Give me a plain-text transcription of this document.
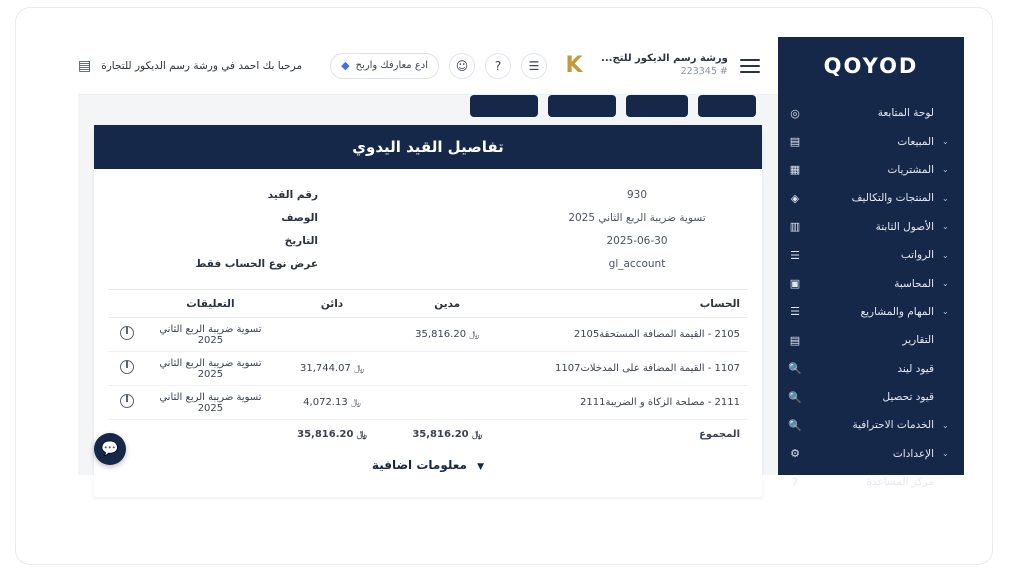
QOYOD
لوحة المتابعة
◎
⌄
المبيعات
▤
⌄
المشتريات
▦
⌄
المنتجات والتكاليف
◈
⌄
الأصول الثابتة
▥
⌄
الرواتب
☰
⌄
المحاسبة
▣
⌄
المهام والمشاريع
☰
التقارير
▤
قيود ليند
🔍
قيود تحصيل
🔍
⌄
الخدمات الاحترافية
🔍
⌄
الإعدادات
⚙
مركز المساعدة
?
ورشة رسم الديكور للتج...
# 223345
K
☰
?
☺
ادع معارفك واربح
◆
مرحبا بك احمد في ورشة رسم الديكور للتجارة
▤
تفاصيل القيد اليدوي
930
رقم القيد
تسوية ضريبة الربع الثاني 2025
الوصف
2025-06-30
التاريخ
gl_account
عرض نوع الحساب فقط
الحساب	مدين	دائن	التعليقات	
2105 - القيمة المضافة المستحقة2105	﷼ 35,816.20		تسوية ضريبة الربع الثاني 2025	
1107 - القيمة المضافة على المدخلات1107		﷼ 31,744.07	تسوية ضريبة الربع الثاني 2025	
2111 - مصلحة الزكاة و الضريبة2111		﷼ 4,072.13	تسوية ضريبة الربع الثاني 2025	
المجموع	﷼ 35,816.20	﷼ 35,816.20		
▼ معلومات اضافية
💬
